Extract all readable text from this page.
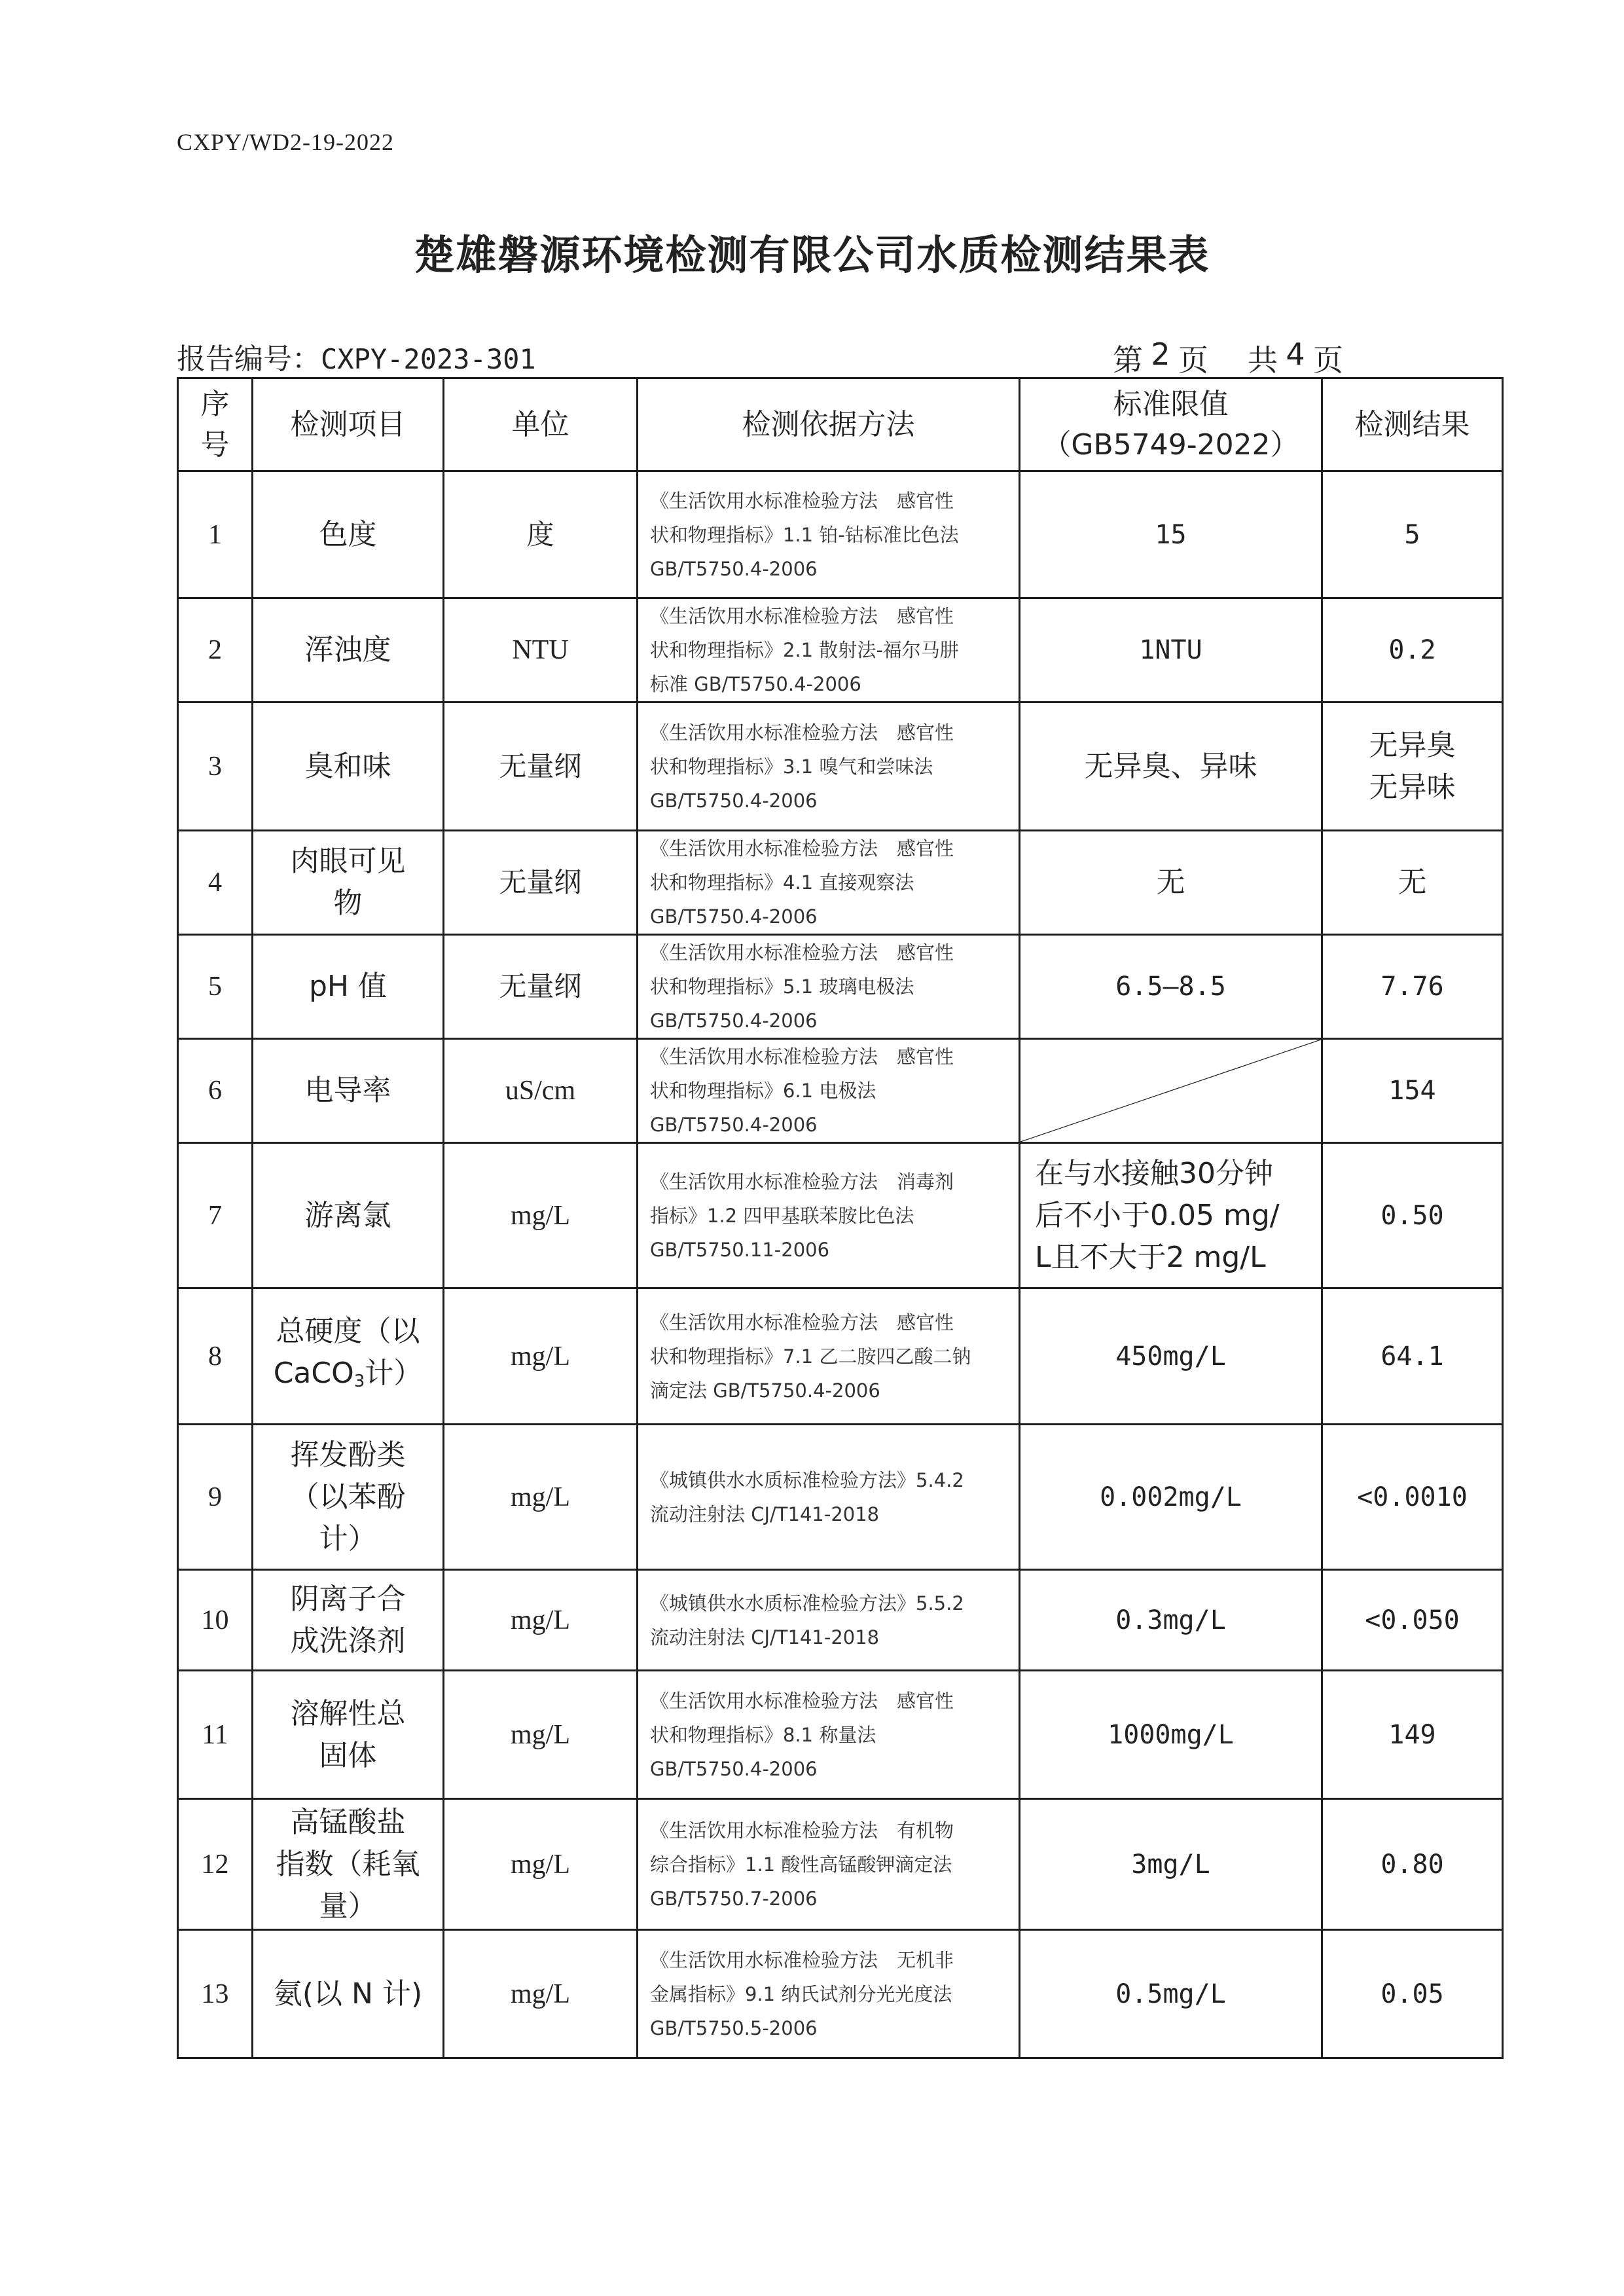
CXPY/WD2-19-2022
楚雄磐源环境检测有限公司水质检测结果表
报告编号：CXPY-2023-301	第 2 页 共 4 页
序
号	检测项目	单位	检测依据方法	标准限值
（GB5749-2022）	检测结果
1	色度	度	《生活饮用水标准检验方法　感官性
状和物理指标》1.1 铂-钴标准比色法
GB/T5750.4-2006	15	5
2	浑浊度	NTU	《生活饮用水标准检验方法　感官性
状和物理指标》2.1 散射法-福尔马肼
标准 GB/T5750.4-2006	1NTU	0.2
3	臭和味	无量纲	《生活饮用水标准检验方法　感官性
状和物理指标》3.1 嗅气和尝味法
GB/T5750.4-2006	无异臭、异味	无异臭
无异味

4	肉眼可见
物	无量纲	《生活饮用水标准检验方法　感官性
状和物理指标》4.1 直接观察法
GB/T5750.4-2006	无	无
5	pH 值	无量纲	《生活饮用水标准检验方法　感官性
状和物理指标》5.1 玻璃电极法
GB/T5750.4-2006	6.5—8.5	7.76
6	电导率	uS/cm	《生活饮用水标准检验方法　感官性
状和物理指标》6.1 电极法
GB/T5750.4-2006		154
7	游离氯	mg/L	《生活饮用水标准检验方法　消毒剂
指标》1.2 四甲基联苯胺比色法
GB/T5750.11-2006	在与水接触30分钟
后不小于0.05 mg/
L且不大于2 mg/L	0.50
8	总硬度（以
CaCO$_3$计）	mg/L	《生活饮用水标准检验方法　感官性
状和物理指标》7.1 乙二胺四乙酸二钠
滴定法 GB/T5750.4-2006	450mg/L	64.1
9	挥发酚类
（以苯酚
计）	mg/L	《城镇供水水质标准检验方法》5.4.2
流动注射法 CJ/T141-2018	0.002mg/L	<0.0010
10	阴离子合
成洗涤剂	mg/L	《城镇供水水质标准检验方法》5.5.2
流动注射法 CJ/T141-2018	0.3mg/L	<0.050
11	溶解性总
固体	mg/L	《生活饮用水标准检验方法　感官性
状和物理指标》8.1 称量法
GB/T5750.4-2006	1000mg/L	149
12	高锰酸盐
指数（耗氧
量）	mg/L	《生活饮用水标准检验方法　有机物
综合指标》1.1 酸性高锰酸钾滴定法
GB/T5750.7-2006	3mg/L	0.80
13	氨(以 N 计)	mg/L	《生活饮用水标准检验方法　无机非
金属指标》9.1 纳氏试剂分光光度法
GB/T5750.5-2006	0.5mg/L	0.05
